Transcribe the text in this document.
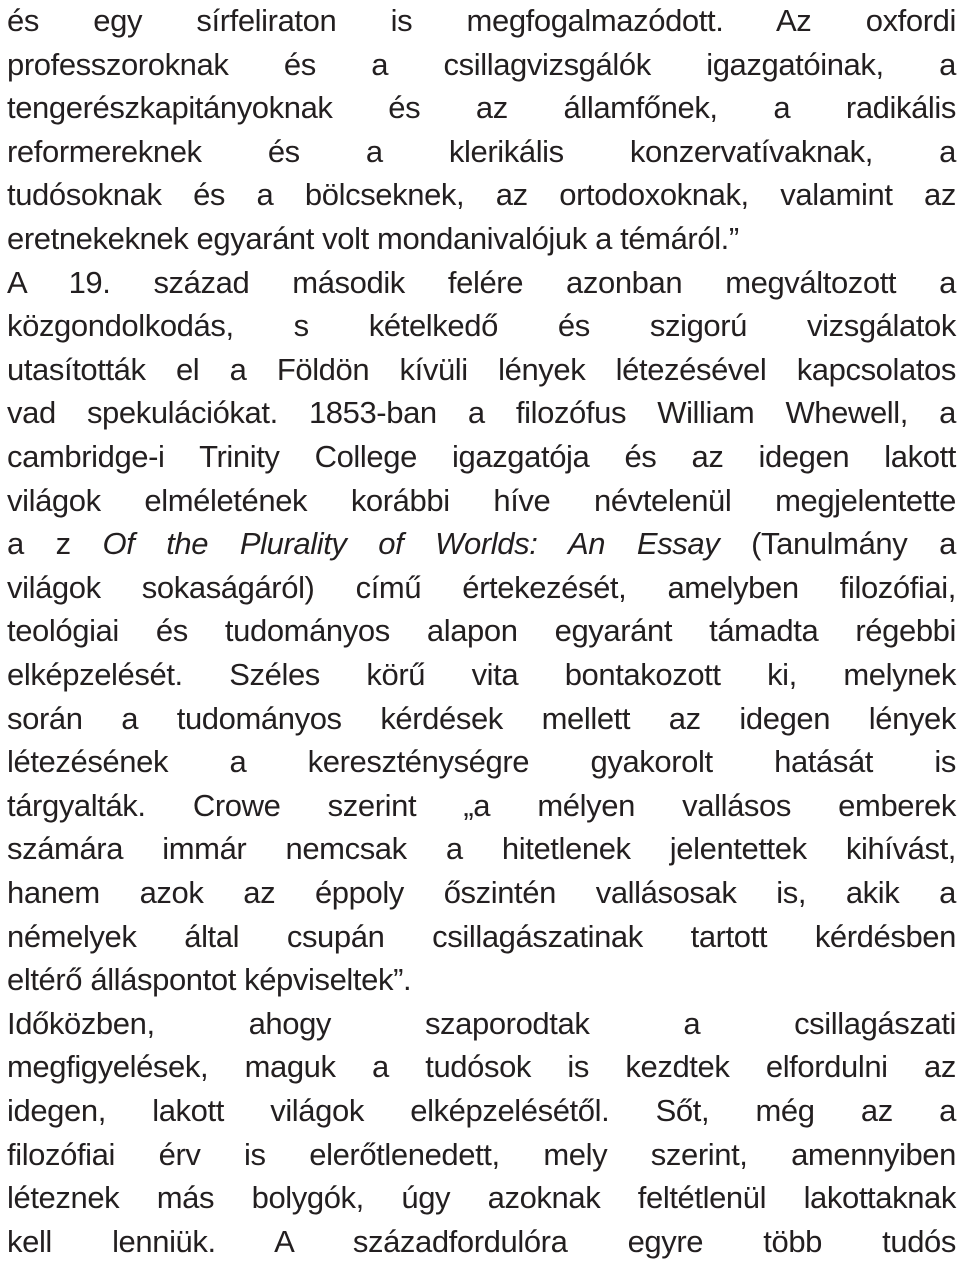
és egy sírfeliraton is megfogalmazódott. Az oxfordi
professzoroknak és a csillagvizsgálók igazgatóinak, a
tengerészkapitányoknak és az államfőnek, a radikális
reformereknek és a klerikális konzervatívaknak, a
tudósoknak és a bölcseknek, az ortodoxoknak, valamint az
eretnekeknek egyaránt volt mondanivalójuk a témáról.”
A 19. század második felére azonban megváltozott a
közgondolkodás, s kételkedő és szigorú vizsgálatok
utasították el a Földön kívüli lények létezésével kapcsolatos
vad spekulációkat. 1853-ban a filozófus William Whewell, a
cambridge-i Trinity College igazgatója és az idegen lakott
világok elméletének korábbi híve névtelenül megjelentette
a z Of the Plurality of Worlds: An Essay (Tanulmány a
világok sokaságáról) című értekezését, amelyben filozófiai,
teológiai és tudományos alapon egyaránt támadta régebbi
elképzelését. Széles körű vita bontakozott ki, melynek
során a tudományos kérdések mellett az idegen lények
létezésének a kereszténységre gyakorolt hatását is
tárgyalták. Crowe szerint „a mélyen vallásos emberek
számára immár nemcsak a hitetlenek jelentettek kihívást,
hanem azok az éppoly őszintén vallásosak is, akik a
némelyek által csupán csillagászatinak tartott kérdésben
eltérő álláspontot képviseltek”.
Időközben, ahogy szaporodtak a csillagászati
megfigyelések, maguk a tudósok is kezdtek elfordulni az
idegen, lakott világok elképzelésétől. Sőt, még az a
filozófiai érv is elerőtlenedett, mely szerint, amennyiben
léteznek más bolygók, úgy azoknak feltétlenül lakottaknak
kell lenniük. A századfordulóra egyre több tudós
